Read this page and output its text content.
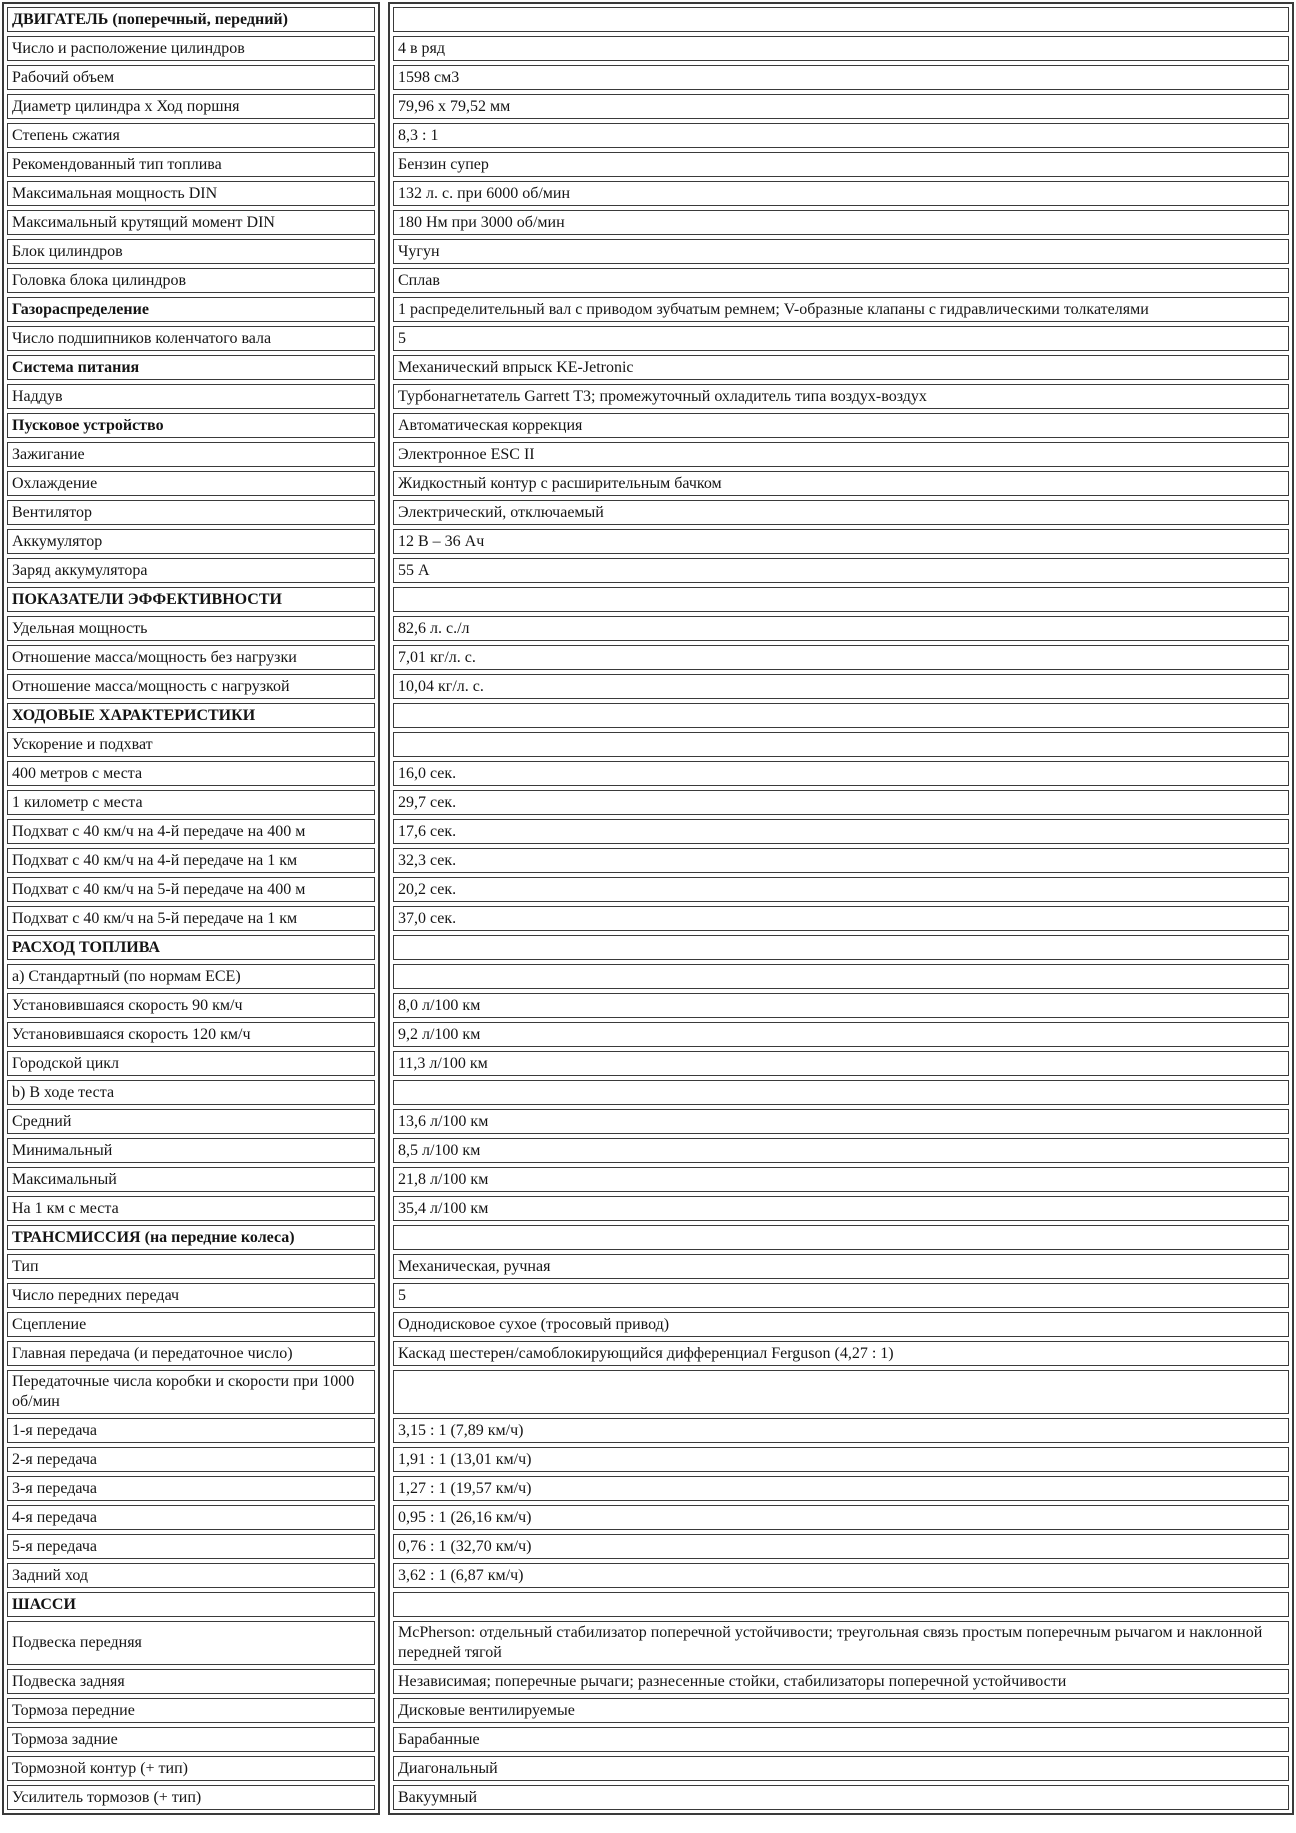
ДВИГАТЕЛЬ (поперечный, передний)
Число и расположение цилиндров
Рабочий объем
Диаметр цилиндра х Ход поршня
Степень сжатия
Рекомендованный тип топлива
Максимальная мощность DIN
Максимальный крутящий момент DIN
Блок цилиндров
Головка блока цилиндров
Газораспределение
Число подшипников коленчатого вала
Система питания
Наддув
Пусковое устройство
Зажигание
Охлаждение
Вентилятор
Аккумулятор
Заряд аккумулятора
ПОКАЗАТЕЛИ ЭФФЕКТИВНОСТИ
Удельная мощность
Отношение масса/мощность без нагрузки
Отношение масса/мощность с нагрузкой
ХОДОВЫЕ ХАРАКТЕРИСТИКИ
Ускорение и подхват
400 метров с места
1 километр с места
Подхват с 40 км/ч на 4-й передаче на 400 м
Подхват с 40 км/ч на 4-й передаче на 1 км
Подхват с 40 км/ч на 5-й передаче на 400 м
Подхват с 40 км/ч на 5-й передаче на 1 км
РАСХОД ТОПЛИВА
a) Стандартный (по нормам ЕСЕ)
Установившаяся скорость 90 км/ч
Установившаяся скорость 120 км/ч
Городской цикл
b) В ходе теста
Средний
Минимальный
Максимальный
На 1 км с места
ТРАНСМИССИЯ (на передние колеса)
Тип
Число передних передач
Сцепление
Главная передача (и передаточное число)
Передаточные числа коробки и скорости при 1000 об/мин
1-я передача
2-я передача
3-я передача
4-я передача
5-я передача
Задний ход
ШАССИ
Подвеска передняя
Подвеска задняя
Тормоза передние
Тормоза задние
Тормозной контур (+ тип)
Усилитель тормозов (+ тип)
4 в ряд
1598 см3
79,96 х 79,52 мм
8,3 : 1
Бензин супер
132 л. с. при 6000 об/мин
180 Нм при 3000 об/мин
Чугун
Сплав
1 распределительный вал с приводом зубчатым ремнем; V-образные клапаны с гидравлическими толкателями
5
Механический впрыск KE-Jetronic
Турбонагнетатель Garrett T3; промежуточный охладитель типа воздух-воздух
Автоматическая коррекция
Электронное ESC II
Жидкостный контур с расширительным бачком
Электрический, отключаемый
12 В – 36 Ач
55 А
82,6 л. с./л
7,01 кг/л. с.
10,04 кг/л. с.
16,0 сек.
29,7 сек.
17,6 сек.
32,3 сек.
20,2 сек.
37,0 сек.
8,0 л/100 км
9,2 л/100 км
11,3 л/100 км
13,6 л/100 км
8,5 л/100 км
21,8 л/100 км
35,4 л/100 км
Механическая, ручная
5
Однодисковое сухое (тросовый привод)
Каскад шестерен/самоблокирующийся дифференциал Ferguson (4,27 : 1)
3,15 : 1 (7,89 км/ч)
1,91 : 1 (13,01 км/ч)
1,27 : 1 (19,57 км/ч)
0,95 : 1 (26,16 км/ч)
0,76 : 1 (32,70 км/ч)
3,62 : 1 (6,87 км/ч)
McPherson: отдельный стабилизатор поперечной устойчивости; треугольная связь простым поперечным рычагом и наклонной передней тягой
Независимая; поперечные рычаги; разнесенные стойки, стабилизаторы поперечной устойчивости
Дисковые вентилируемые
Барабанные
Диагональный
Вакуумный
